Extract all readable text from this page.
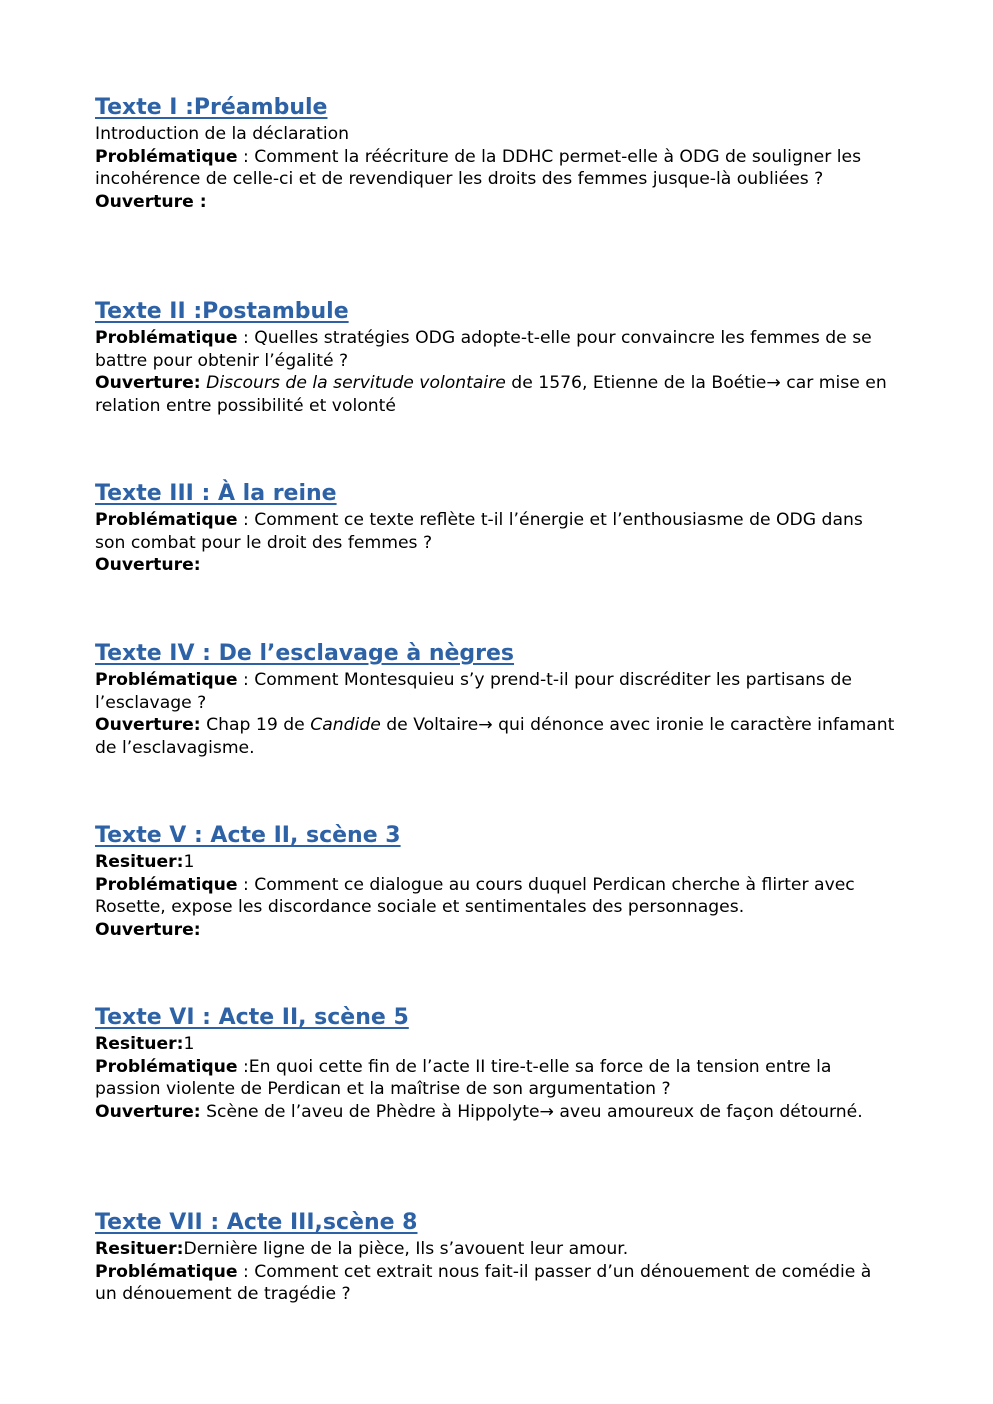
Texte I :Préambule

Introduction de la déclaration

Problématique : Comment la réécriture de la DDHC permet-elle à ODG de souligner les incohérence de celle-ci et de revendiquer les droits des femmes jusque-là oubliées ?

Ouverture :

Texte II :Postambule

Problématique : Quelles stratégies ODG adopte-t-elle pour convaincre les femmes de se battre pour obtenir l’égalité ?

Ouverture: Discours de la servitude volontaire de 1576, Etienne de la Boétie→ car mise en relation entre possibilité et volonté

Texte III : À la reine

Problématique : Comment ce texte reflète t-il l’énergie et l’enthousiasme de ODG dans son combat pour le droit des femmes ?

Ouverture:

Texte IV : De l’esclavage à nègres

Problématique : Comment Montesquieu s’y prend-t-il pour discréditer les partisans de l’esclavage ?

Ouverture: Chap 19 de Candide de Voltaire→ qui dénonce avec ironie le caractère infamant de l’esclavagisme.

Texte V : Acte II, scène 3

Resituer:1

Problématique : Comment ce dialogue au cours duquel Perdican cherche à flirter avec Rosette, expose les discordance sociale et sentimentales des personnages.

Ouverture:

Texte VI : Acte II, scène 5

Resituer:1

Problématique :En quoi cette fin de l’acte II tire-t-elle sa force de la tension entre la passion violente de Perdican et la maîtrise de son argumentation ?

Ouverture: Scène de l’aveu de Phèdre à Hippolyte→ aveu amoureux de façon détourné.

Texte VII : Acte III,scène 8

Resituer:Dernière ligne de la pièce, Ils s’avouent leur amour.

Problématique : Comment cet extrait nous fait-il passer d’un dénouement de comédie à un dénouement de tragédie ?
